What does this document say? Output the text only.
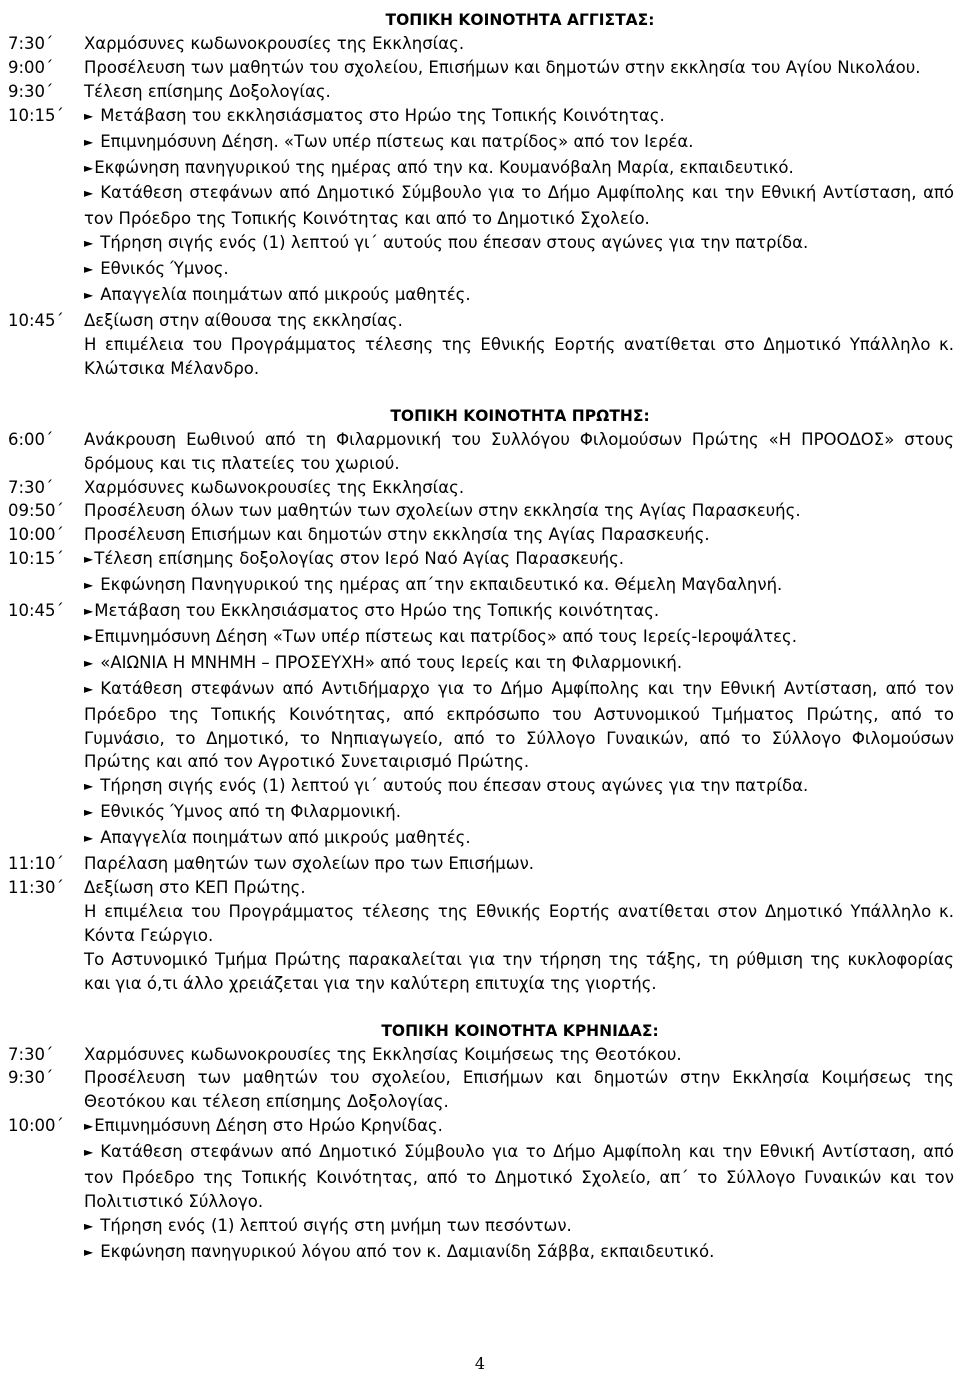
ΤΟΠΙΚΗ ΚΟΙΝΟΤΗΤΑ ΑΓΓΙΣΤΑΣ:
7:30΄	Χαρμόσυνες κωδωνοκρουσίες της Εκκλησίας.
9:00΄	Προσέλευση των μαθητών του σχολείου, Επισήμων και δημοτών στην εκκλησία του Αγίου Νικολάου.
9:30΄	Τέλεση επίσημης Δοξολογίας.
10:15΄	► Μετάβαση του εκκλησιάσματος στο Ηρώο της Τοπικής Κοινότητας.
► Επιμνημόσυνη Δέηση. «Των υπέρ πίστεως και πατρίδος» από τον Ιερέα.
►Εκφώνηση πανηγυρικού της ημέρας από την κα. Κουμανόβαλη Μαρία, εκπαιδευτικό.
► Κατάθεση στεφάνων από Δημοτικό Σύμβουλο για το Δήμο Αμφίπολης και την Εθνική Αντίσταση, από τον Πρόεδρο της Τοπικής Κοινότητας και από το Δημοτικό Σχολείο.
► Τήρηση σιγής ενός (1) λεπτού γι΄ αυτούς που έπεσαν στους αγώνες για την πατρίδα.
► Εθνικός Ύμνος.
► Απαγγελία ποιημάτων από μικρούς μαθητές.
10:45΄	Δεξίωση στην αίθουσα της εκκλησίας.
Η επιμέλεια του Προγράμματος τέλεσης της Εθνικής Εορτής ανατίθεται στο Δημοτικό Υπάλληλο κ. Κλώτσικα Μέλανδρο.
ΤΟΠΙΚΗ ΚΟΙΝΟΤΗΤΑ ΠΡΩΤΗΣ:
6:00΄	Ανάκρουση Εωθινού από τη Φιλαρμονική του Συλλόγου Φιλομούσων Πρώτης «Η ΠΡΟΟΔΟΣ» στους δρόμους και τις πλατείες του χωριού.
7:30΄	Χαρμόσυνες κωδωνοκρουσίες της Εκκλησίας.
09:50΄	Προσέλευση όλων των μαθητών των σχολείων στην εκκλησία της Αγίας Παρασκευής.
10:00΄	Προσέλευση Επισήμων και δημοτών στην εκκλησία της Αγίας Παρασκευής.
10:15΄	►Τέλεση επίσημης δοξολογίας στον Ιερό Ναό Αγίας Παρασκευής.
► Εκφώνηση Πανηγυρικού της ημέρας απ΄την εκπαιδευτικό κα. Θέμελη Μαγδαληνή.
10:45΄	►Μετάβαση του Εκκλησιάσματος στο Ηρώο της Τοπικής κοινότητας.
►Επιμνημόσυνη Δέηση «Των υπέρ πίστεως και πατρίδος» από τους Ιερείς-Ιεροψάλτες.
► «ΑΙΩΝΙΑ Η ΜΝΗΜΗ – ΠΡΟΣΕΥΧΗ» από τους Ιερείς και τη Φιλαρμονική.
► Κατάθεση στεφάνων από Αντιδήμαρχο για το Δήμο Αμφίπολης και την Εθνική Αντίσταση, από τον Πρόεδρο της Τοπικής Κοινότητας, από εκπρόσωπο του Αστυνομικού Τμήματος Πρώτης, από το Γυμνάσιο, το Δημοτικό, το Νηπιαγωγείο, από το Σύλλογο Γυναικών, από το Σύλλογο Φιλομούσων Πρώτης και από τον Αγροτικό Συνεταιρισμό Πρώτης.
► Τήρηση σιγής ενός (1) λεπτού γι΄ αυτούς που έπεσαν στους αγώνες για την πατρίδα.
► Εθνικός Ύμνος από τη Φιλαρμονική.
► Απαγγελία ποιημάτων από μικρούς μαθητές.
11:10΄	Παρέλαση μαθητών των σχολείων προ των Επισήμων.
11:30΄	Δεξίωση στο ΚΕΠ Πρώτης.
Η επιμέλεια του Προγράμματος τέλεσης της Εθνικής Εορτής ανατίθεται στον Δημοτικό Υπάλληλο κ. Κόντα Γεώργιο.
Το Αστυνομικό Τμήμα Πρώτης παρακαλείται για την τήρηση της τάξης, τη ρύθμιση της κυκλοφορίας και για ό,τι άλλο χρειάζεται για την καλύτερη επιτυχία της γιορτής.
ΤΟΠΙΚΗ ΚΟΙΝΟΤΗΤΑ ΚΡΗΝΙΔΑΣ:
7:30΄	Χαρμόσυνες κωδωνοκρουσίες της Εκκλησίας Κοιμήσεως της Θεοτόκου.
9:30΄	Προσέλευση των μαθητών του σχολείου, Επισήμων και δημοτών στην Εκκλησία Κοιμήσεως της Θεοτόκου και τέλεση επίσημης Δοξολογίας.
10:00΄	►Επιμνημόσυνη Δέηση στο Ηρώο Κρηνίδας.
► Κατάθεση στεφάνων από Δημοτικό Σύμβουλο για το Δήμο Αμφίπολη και την Εθνική Αντίσταση, από τον Πρόεδρο της Τοπικής Κοινότητας, από το Δημοτικό Σχολείο, απ΄ το Σύλλογο Γυναικών και τον Πολιτιστικό Σύλλογο.
► Τήρηση ενός (1) λεπτού σιγής στη μνήμη των πεσόντων.
► Εκφώνηση πανηγυρικού λόγου από τον κ. Δαμιανίδη Σάββα, εκπαιδευτικό.
4
